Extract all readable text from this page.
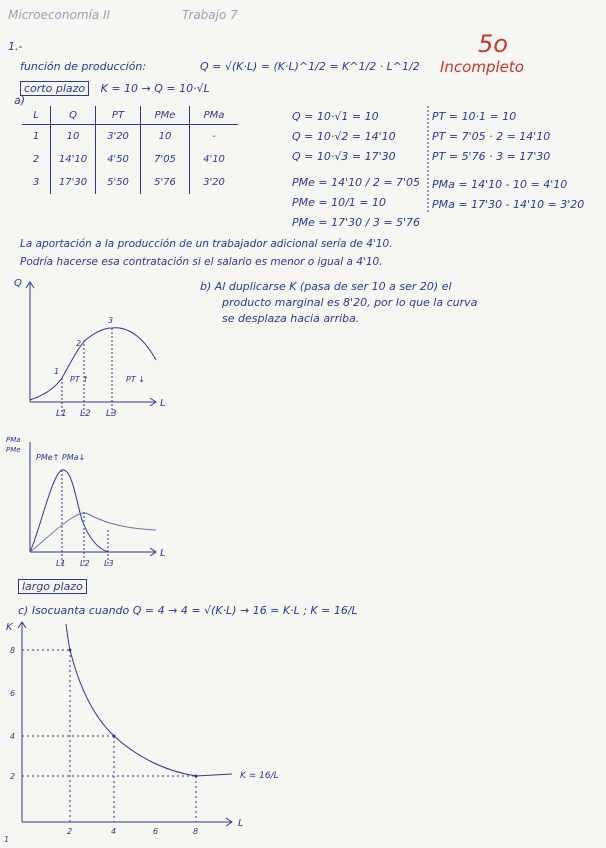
Microeconomía II	Trabajo 7
5o
Incompleto
1.-
función de producción:	Q = √(K·L) = (K·L)^1/2 = K^1/2 · L^1/2
corto plazo K = 10 → Q = 10·√L
a)
L	Q	PT	PMe	PMa
1	10	3'20	10	-
2	14'10	4'50	7'05	4'10
3	17'30	5'50	5'76	3'20
Q = 10·√1 = 10
Q = 10·√2 = 14'10
Q = 10·√3 = 17'30
PMe = 14'10 / 2 = 7'05
PMe = 10/1 = 10
PMe = 17'30 / 3 = 5'76
PT = 10·1 = 10
PT = 7'05 · 2 = 14'10
PT = 5'76 · 3 = 17'30
PMa = 14'10 - 10 = 4'10
PMa = 17'30 - 14'10 = 3'20
La aportación a la producción de un trabajador adicional sería de 4'10.
Podría hacerse esa contratación si el salario es menor o igual a 4'10.
b) Al duplicarse K (pasa de ser 10 a ser 20) el
producto marginal es 8'20, por lo que la curva
se desplaza hacia arriba.
Q
L
L1 L2 L3
1
2
3
PT ↑	PT ↓
PMa
PMe
L
L1 L2 L3
PMe↑ PMa↓
largo plazo
c) Isocuanta cuando Q = 4 → 4 = √(K·L) → 16 = K·L ; K = 16/L
K
L
8
6
4
2
2	4	6	8
1
K = 16/L
